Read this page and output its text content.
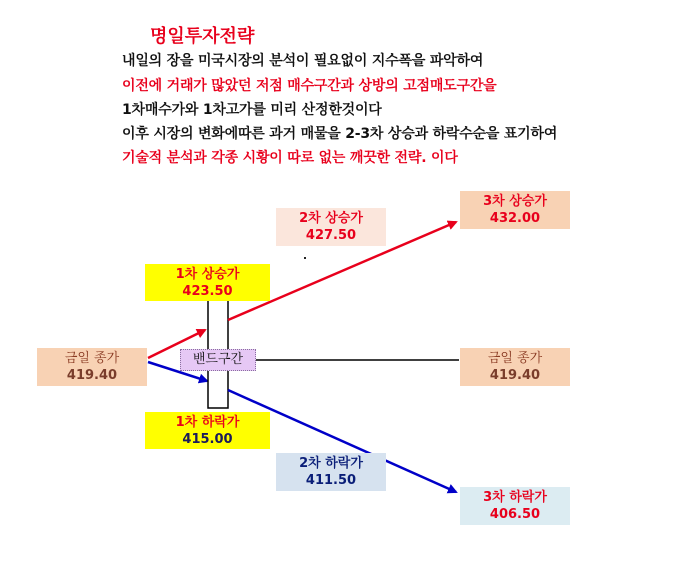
명일투자전략
내일의 장을 미국시장의 분석이 필요없이 지수폭을 파악하여
이전에 거래가 많았던 저점 매수구간과 상방의 고점매도구간을
1차매수가와 1차고가를 미리 산정한것이다
이후 시장의 변화에따른 과거 매물을 2-3차 상승과 하락수순을 표기하여
기술적 분석과 각종 시황이 따로 없는 깨끗한 전략. 이다
금일 종가
419.40
1차 상승가
423.50
2차 상승가
427.50
3차 상승가
432.00
금일 종가
419.40
1차 하락가
415.00
2차 하락가
411.50
3차 하락가
406.50
밴드구간
